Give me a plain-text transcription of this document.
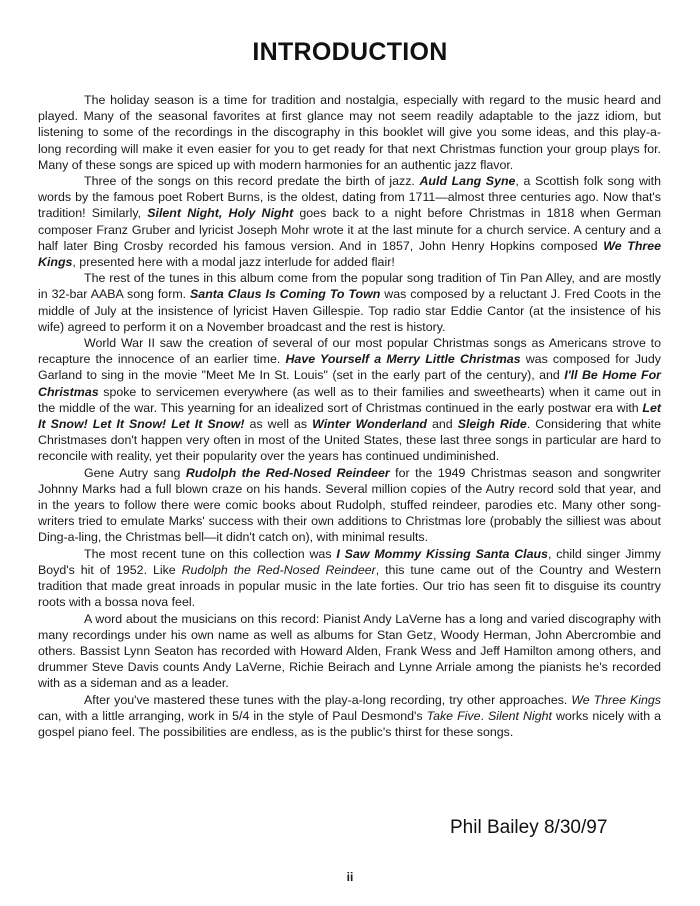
INTRODUCTION

The holiday season is a time for tradition and nostalgia, especially with regard to the music heard and played. Many of the seasonal favorites at first glance may not seem readily adaptable to the jazz idiom, but listening to some of the recordings in the discography in this booklet will give you some ideas, and this play-a-long recording will make it even easier for you to get ready for that next Christmas function your group plays for. Many of these songs are spiced up with modern harmonies for an authentic jazz flavor.

Three of the songs on this record predate the birth of jazz. Auld Lang Syne, a Scottish folk song with words by the famous poet Robert Burns, is the oldest, dating from 1711—almost three centuries ago. Now that's tradition! Similarly, Silent Night, Holy Night goes back to a night before Christmas in 1818 when German composer Franz Gruber and lyricist Joseph Mohr wrote it at the last minute for a church service. A century and a half later Bing Crosby recorded his famous version. And in 1857, John Henry Hopkins composed We Three Kings, presented here with a modal jazz interlude for added flair!

The rest of the tunes in this album come from the popular song tradition of Tin Pan Alley, and are mostly in 32-bar AABA song form. Santa Claus Is Coming To Town was composed by a reluctant J. Fred Coots in the middle of July at the insistence of lyricist Haven Gillespie. Top radio star Eddie Cantor (at the insistence of his wife) agreed to perform it on a November broadcast and the rest is history.

World War II saw the creation of several of our most popular Christmas songs as Americans strove to recapture the innocence of an earlier time. Have Yourself a Merry Little Christmas was composed for Judy Garland to sing in the movie "Meet Me In St. Louis" (set in the early part of the century), and I'll Be Home For Christmas spoke to servicemen everywhere (as well as to their families and sweethearts) when it came out in the middle of the war. This yearning for an idealized sort of Christmas continued in the early postwar era with Let It Snow! Let It Snow! Let It Snow! as well as Winter Wonderland and Sleigh Ride. Considering that white Christmases don't happen very often in most of the United States, these last three songs in particular are hard to reconcile with reality, yet their popularity over the years has continued undiminished.

Gene Autry sang Rudolph the Red-Nosed Reindeer for the 1949 Christmas season and songwriter Johnny Marks had a full blown craze on his hands. Several million copies of the Autry record sold that year, and in the years to follow there were comic books about Rudolph, stuffed reindeer, parodies etc. Many other song-writers tried to emulate Marks' success with their own additions to Christmas lore (probably the silliest was about Ding-a-ling, the Christmas bell—it didn't catch on), with minimal results.

The most recent tune on this collection was I Saw Mommy Kissing Santa Claus, child singer Jimmy Boyd's hit of 1952. Like Rudolph the Red-Nosed Reindeer, this tune came out of the Country and Western tradition that made great inroads in popular music in the late forties. Our trio has seen fit to disguise its country roots with a bossa nova feel.

A word about the musicians on this record: Pianist Andy LaVerne has a long and varied discography with many recordings under his own name as well as albums for Stan Getz, Woody Herman, John Abercrombie and others. Bassist Lynn Seaton has recorded with Howard Alden, Frank Wess and Jeff Hamilton among others, and drummer Steve Davis counts Andy LaVerne, Richie Beirach and Lynne Arriale among the pianists he's recorded with as a sideman and as a leader.

After you've mastered these tunes with the play-a-long recording, try other approaches. We Three Kings can, with a little arranging, work in 5/4 in the style of Paul Desmond's Take Five. Silent Night works nicely with a gospel piano feel. The possibilities are endless, as is the public's thirst for these songs.

Phil Bailey 8/30/97
ii
